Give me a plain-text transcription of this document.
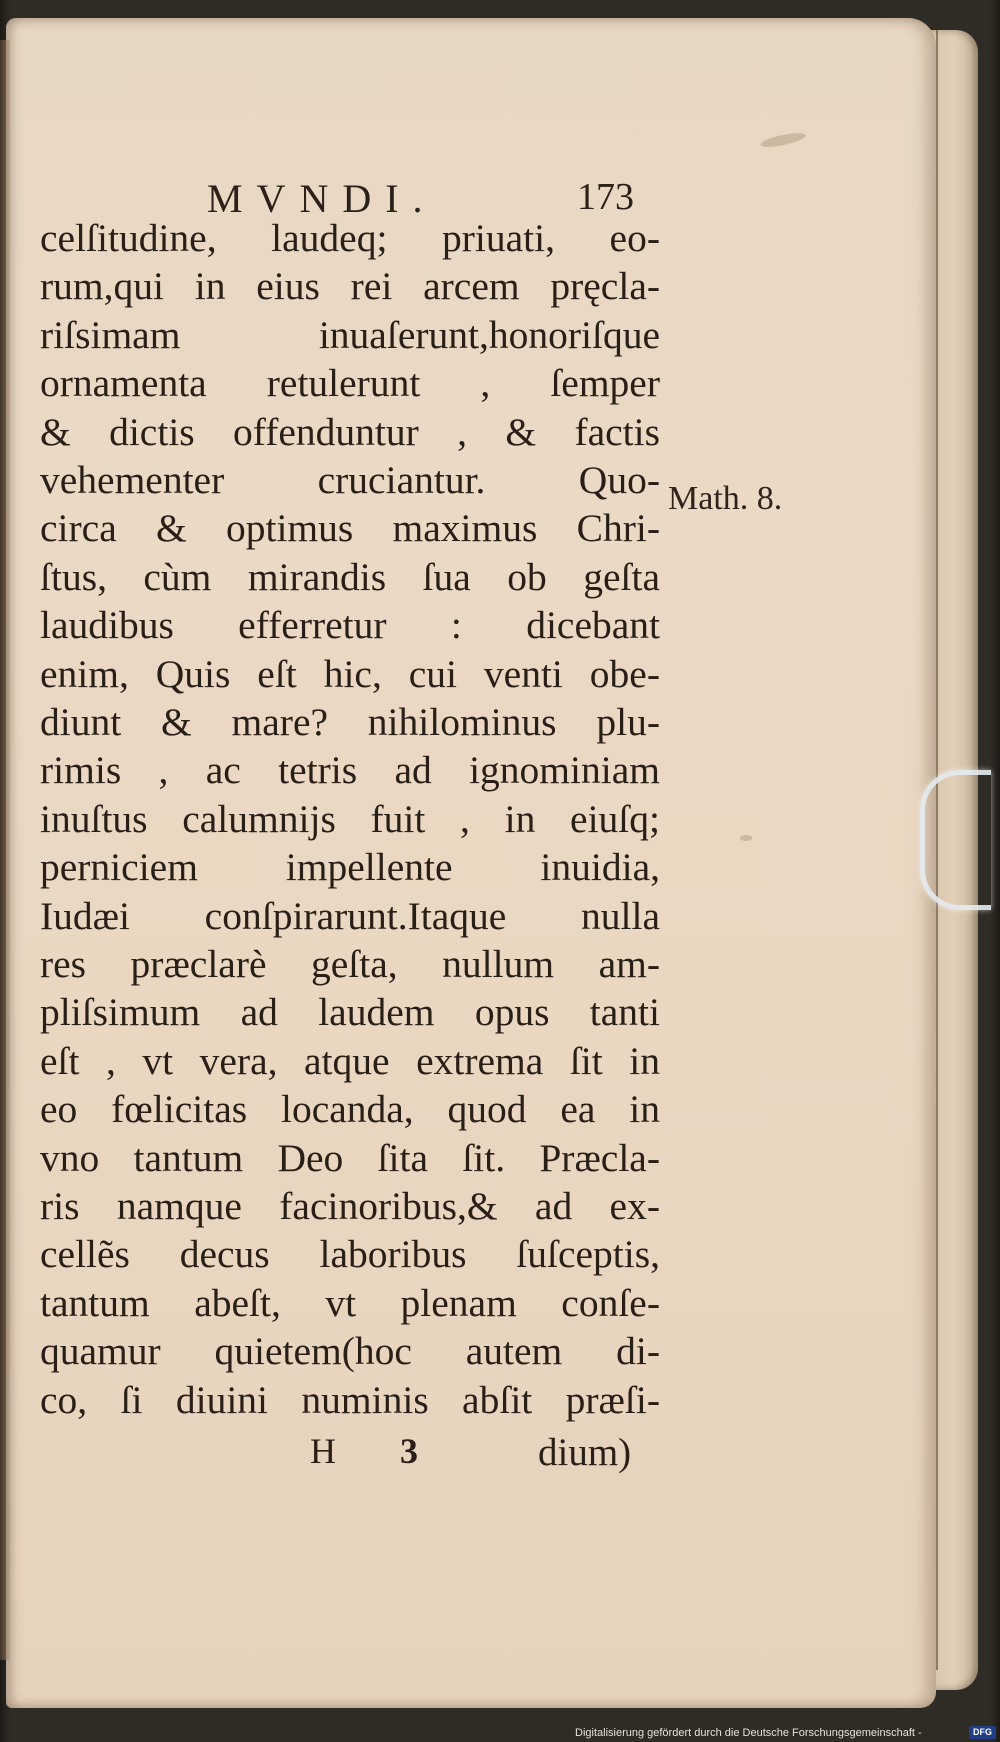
MVNDI.	173
celſitudine, laudeq; priuati, eo-
rum,qui in eius rei arcem pręcla-
riſsimam inuaſerunt,honoriſque
ornamenta retulerunt , ſemper
& dictis offenduntur , & factis
vehementer cruciantur. Quo-
circa & optimus maximus Chri-
ſtus, cùm mirandis ſua ob geſta
laudibus efferretur : dicebant
enim, Quis eſt hic, cui venti obe-
diunt & mare? nihilominus plu-
rimis , ac tetris ad ignominiam
inuſtus calumnijs fuit , in eiuſq;
perniciem impellente inuidia,
Iudæi conſpirarunt.Itaque nulla
res præclarè geſta, nullum am-
pliſsimum ad laudem opus tanti
eſt , vt vera, atque extrema ſit in
eo fœlicitas locanda, quod ea in
vno tantum Deo ſita ſit. Præcla-
ris namque facinoribus,& ad ex-
cellẽs decus laboribus ſuſceptis,
tantum abeſt, vt plenam conſe-
quamur quietem(hoc autem di-
co, ſi diuini numinis abſit præſi-
Math. 8.
H 3	dium)
Digitalisierung gefördert durch die Deutsche Forschungsgemeinschaft -	DFG
